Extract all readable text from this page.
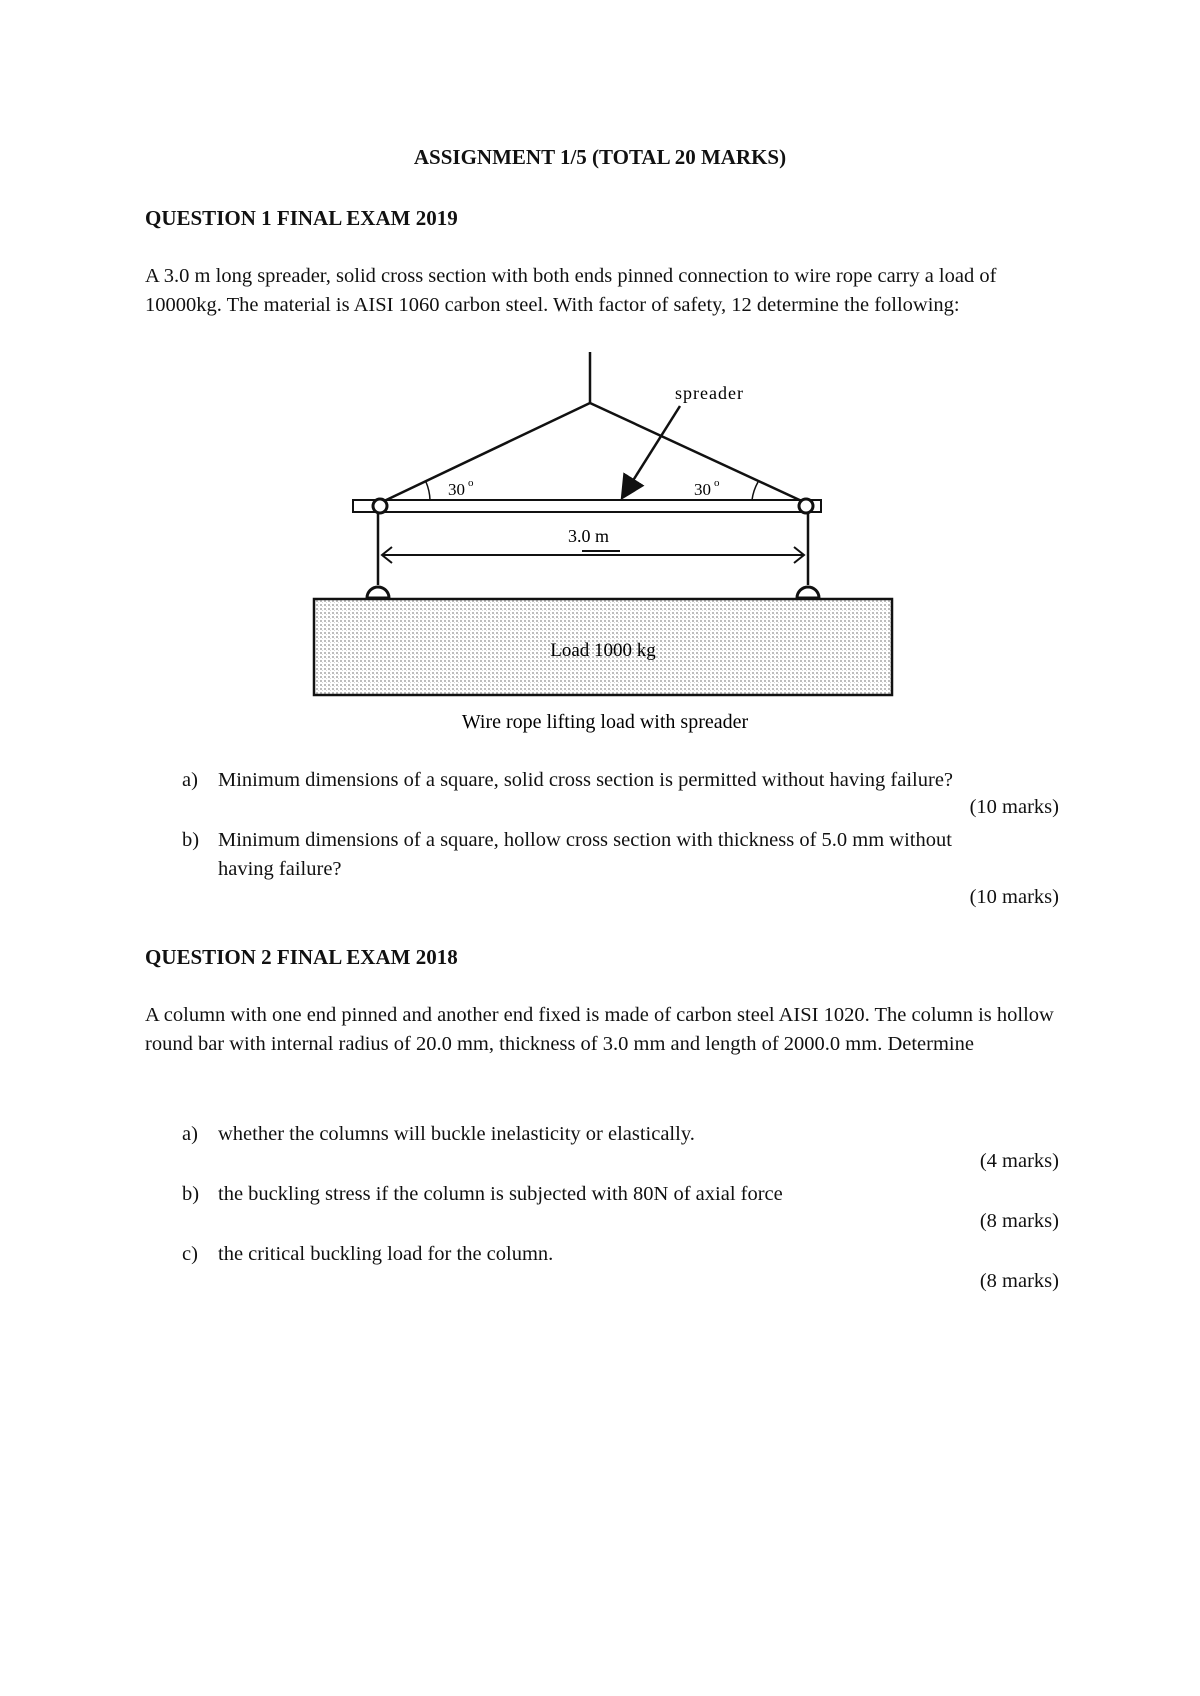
ASSIGNMENT 1/5 (TOTAL 20 MARKS)
QUESTION 1 FINAL EXAM 2019
A 3.0 m long spreader, solid cross section with both ends pinned connection to wire rope carry a load of 10000kg. The material is AISI 1060 carbon steel. With factor of safety, 12 determine the following:
30 o	30 o
spreader
3.0 m
Load 1000 kg
Wire rope lifting load with spreader
a) Minimum dimensions of a square, solid cross section is permitted without having failure?
(10 marks)
b) Minimum dimensions of a square, hollow cross section with thickness of 5.0 mm without having failure?
(10 marks)
QUESTION 2 FINAL EXAM 2018
A column with one end pinned and another end fixed is made of carbon steel AISI 1020. The column is hollow round bar with internal radius of 20.0 mm, thickness of 3.0 mm and length of 2000.0 mm. Determine
a) whether the columns will buckle inelasticity or elastically.
(4 marks)
b) the buckling stress if the column is subjected with 80N of axial force
(8 marks)
c) the critical buckling load for the column.
(8 marks)
